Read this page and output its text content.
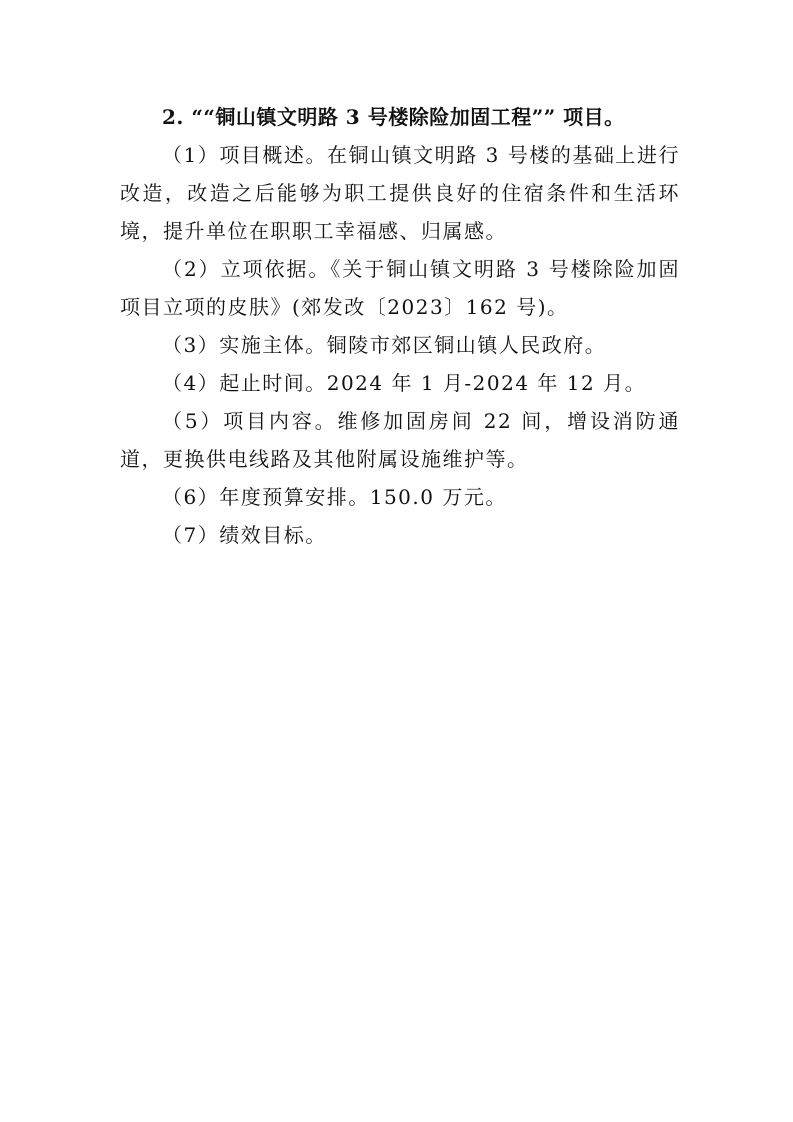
2. ““铜山镇文明路 3 号楼除险加固工程”” 项目。

（1）项目概述。在铜山镇文明路 3 号楼的基础上进行改造，改造之后能够为职工提供良好的住宿条件和生活环境，提升单位在职职工幸福感、归属感。

（2）立项依据。《关于铜山镇文明路 3 号楼除险加固项目立项的皮肤》(郊发改〔2023〕162 号)。

（3）实施主体。铜陵市郊区铜山镇人民政府。

（4）起止时间。2024 年 1 月-2024 年 12 月。

（5）项目内容。维修加固房间 22 间，增设消防通道，更换供电线路及其他附属设施维护等。

（6）年度预算安排。150.0 万元。

（7）绩效目标。
